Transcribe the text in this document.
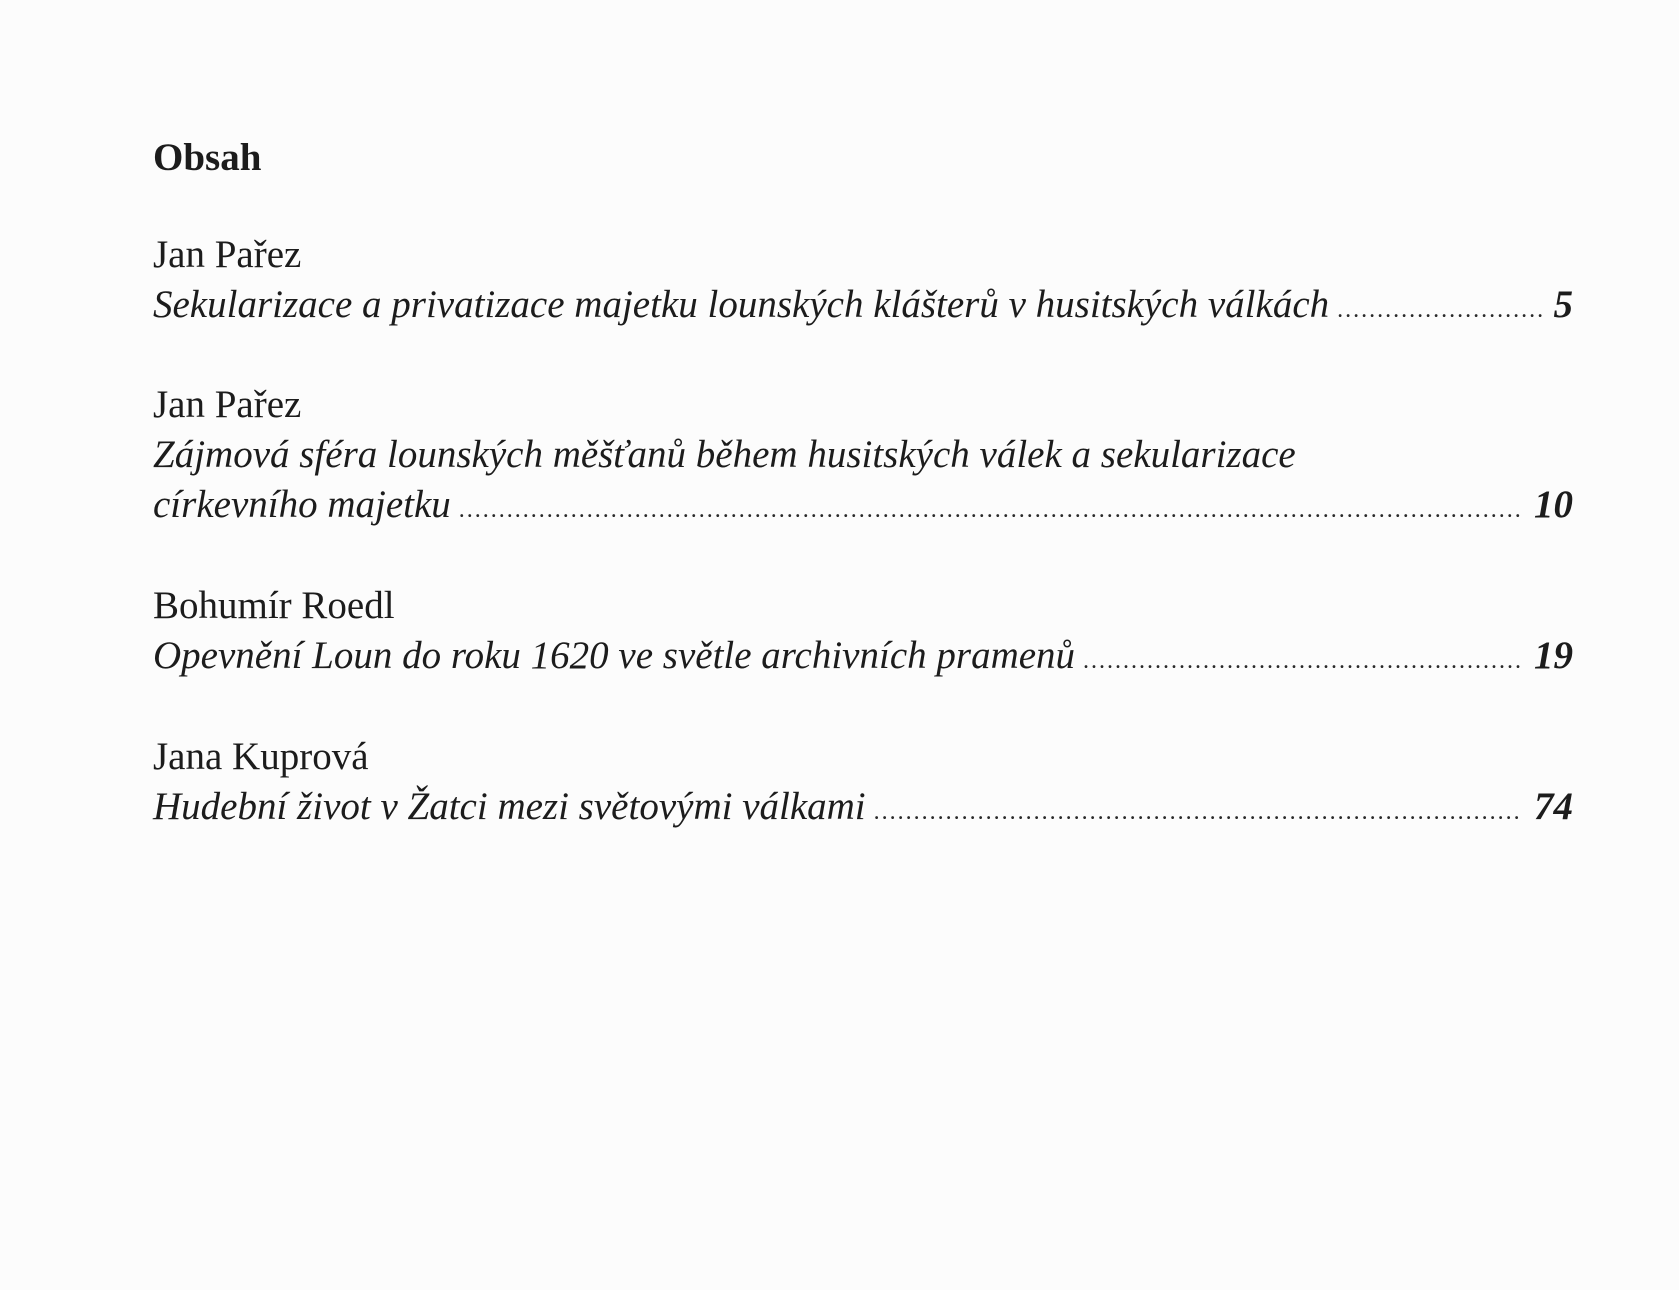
Obsah
Jan Pařez
Sekularizace a privatizace majetku lounských klášterů v husitských válkách .....	5
Jan Pařez
Zájmová sféra lounských měšťanů během husitských válek a sekularizace
církevního majetku .....	10
Bohumír Roedl
Opevnění Loun do roku 1620 ve světle archivních pramenů .....	19
Jana Kuprová
Hudební život v Žatci mezi světovými válkami .....	74
